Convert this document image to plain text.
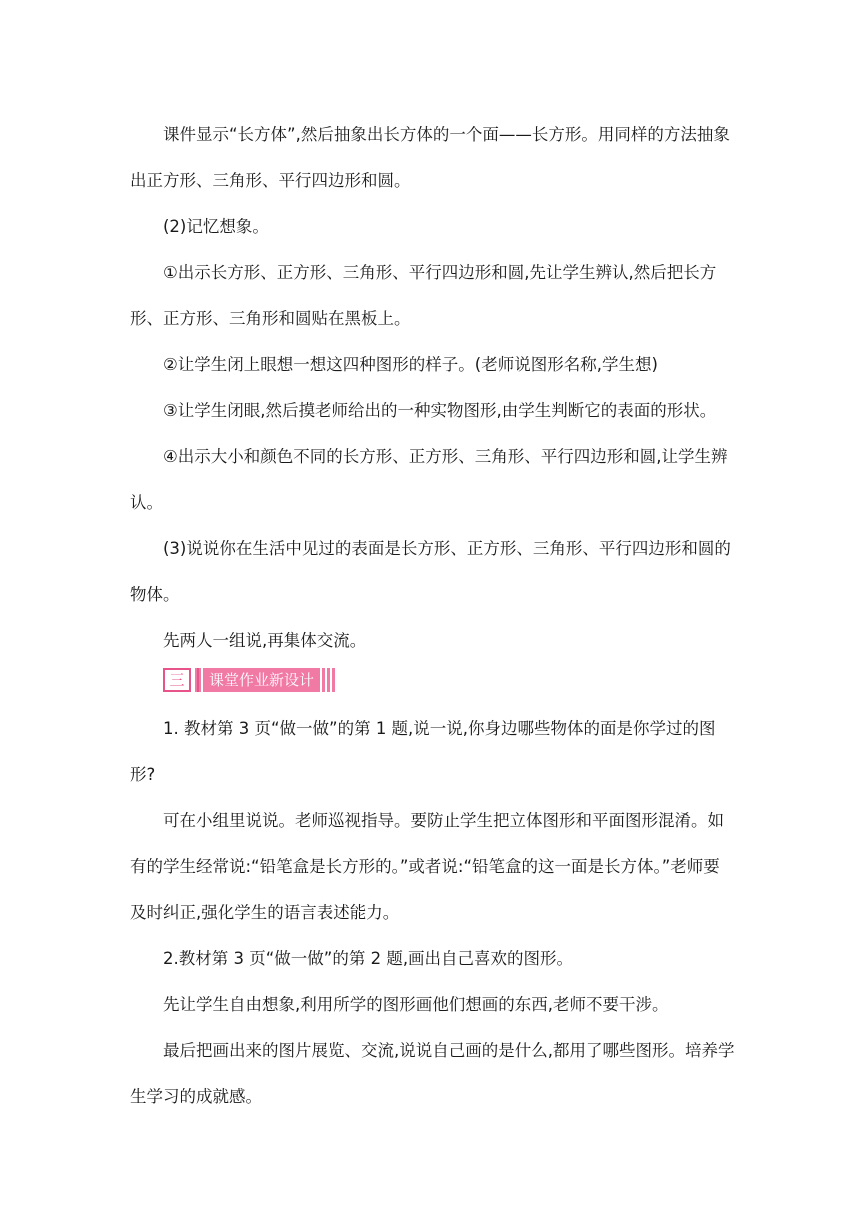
课件显示“长方体”,然后抽象出长方体的一个面——长方形。用同样的方法抽象出正方形、三角形、平行四边形和圆。

(2)记忆想象。

①出示长方形、正方形、三角形、平行四边形和圆,先让学生辨认,然后把长方形、正方形、三角形和圆贴在黑板上。

②让学生闭上眼想一想这四种图形的样子。(老师说图形名称,学生想)

③让学生闭眼,然后摸老师给出的一种实物图形,由学生判断它的表面的形状。

④出示大小和颜色不同的长方形、正方形、三角形、平行四边形和圆,让学生辨认。

(3)说说你在生活中见过的表面是长方形、正方形、三角形、平行四边形和圆的物体。

先两人一组说,再集体交流。

三	课堂作业新设计

1. 教材第 3 页“做一做”的第 1 题,说一说,你身边哪些物体的面是你学过的图形?

可在小组里说说。老师巡视指导。要防止学生把立体图形和平面图形混淆。如有的学生经常说:“铅笔盒是长方形的。”或者说:“铅笔盒的这一面是长方体。”老师要及时纠正,强化学生的语言表述能力。

2.教材第 3 页“做一做”的第 2 题,画出自己喜欢的图形。

先让学生自由想象,利用所学的图形画他们想画的东西,老师不要干涉。

最后把画出来的图片展览、交流,说说自己画的是什么,都用了哪些图形。培养学生学习的成就感。
